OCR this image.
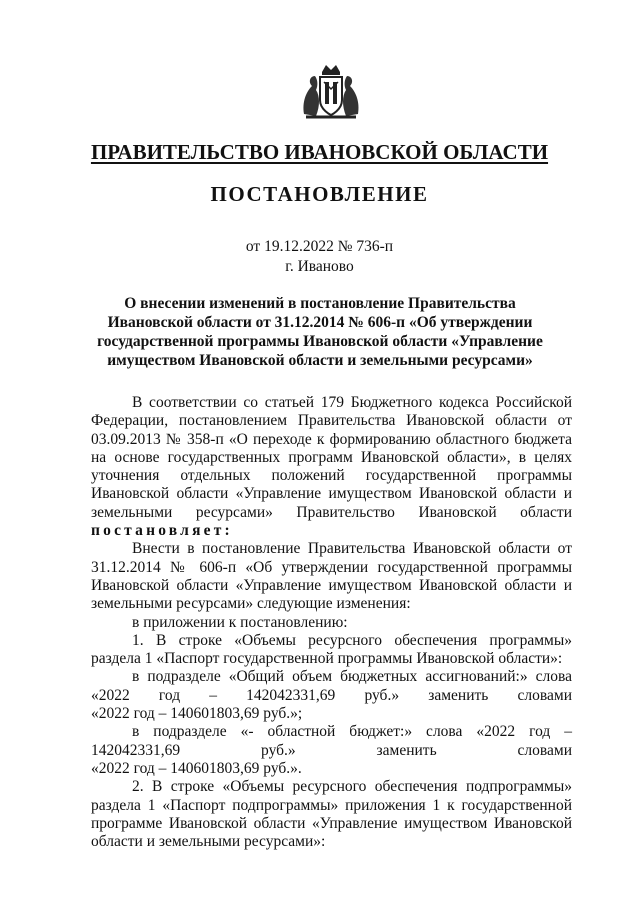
ПРАВИТЕЛЬСТВО ИВАНОВСКОЙ ОБЛАСТИ
ПОСТАНОВЛЕНИЕ
от 19.12.2022 № 736-п
г. Иваново
О внесении изменений в постановление Правительства
Ивановской области от 31.12.2014 № 606-п «Об утверждении
государственной программы Ивановской области «Управление
имуществом Ивановской области и земельными ресурсами»

В соответствии со статьей 179 Бюджетного кодекса Российской Федерации, постановлением Правительства Ивановской области от 03.09.2013 № 358-п «О переходе к формированию областного бюджета на основе государственных программ Ивановской области», в целях уточнения отдельных положений государственной программы Ивановской области «Управление имуществом Ивановской области и земельными ресурсами» Правительство Ивановской области постановляет:

Внести в постановление Правительства Ивановской области от 31.12.2014 № 606-п «Об утверждении государственной программы Ивановской области «Управление имуществом Ивановской области и земельными ресурсами» следующие изменения:

в приложении к постановлению:

1. В строке «Объемы ресурсного обеспечения программы» раздела 1 «Паспорт государственной программы Ивановской области»:

в подразделе «Общий объем бюджетных ассигнований:» слова «2022 год – 142042331,69 руб.» заменить словами

«2022 год – 140601803,69 руб.»;

в подразделе «- областной бюджет:» слова «2022 год – 142042331,69 руб.» заменить словами

«2022 год – 140601803,69 руб.».

2. В строке «Объемы ресурсного обеспечения подпрограммы» раздела 1 «Паспорт подпрограммы» приложения 1 к государственной программе Ивановской области «Управление имуществом Ивановской области и земельными ресурсами»:
